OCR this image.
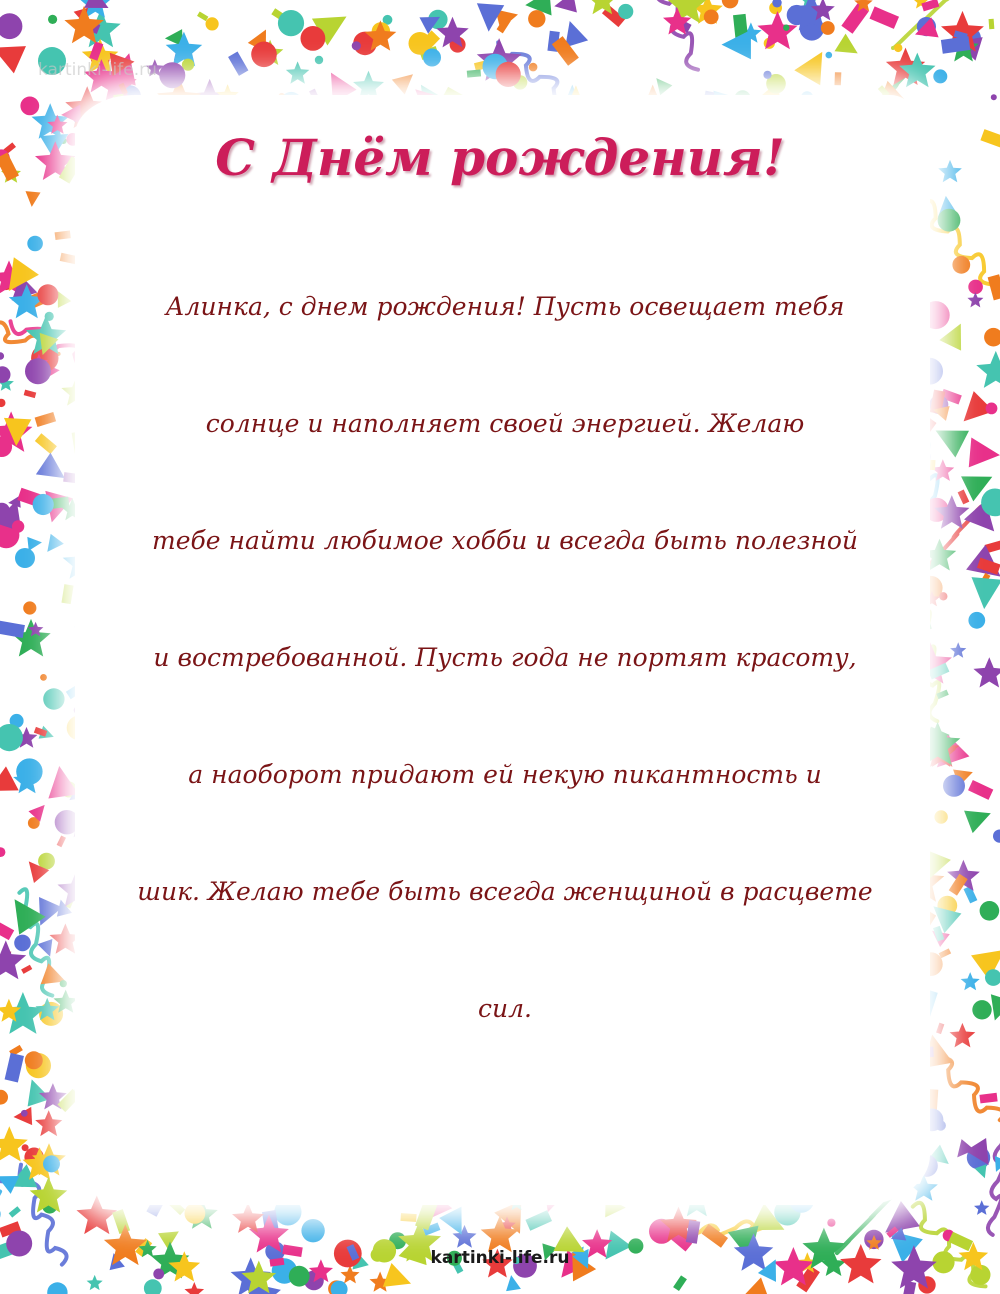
kartinki-life.ru
С Днём рождения!
Алинка, с днем рождения! Пусть освещает тебя
солнце и наполняет своей энергией. Желаю
тебе найти любимое хобби и всегда быть полезной
и востребованной. Пусть года не портят красоту,
а наоборот придают ей некую пикантность и
шик. Желаю тебе быть всегда женщиной в расцвете
сил.
kartinki-life.ru
